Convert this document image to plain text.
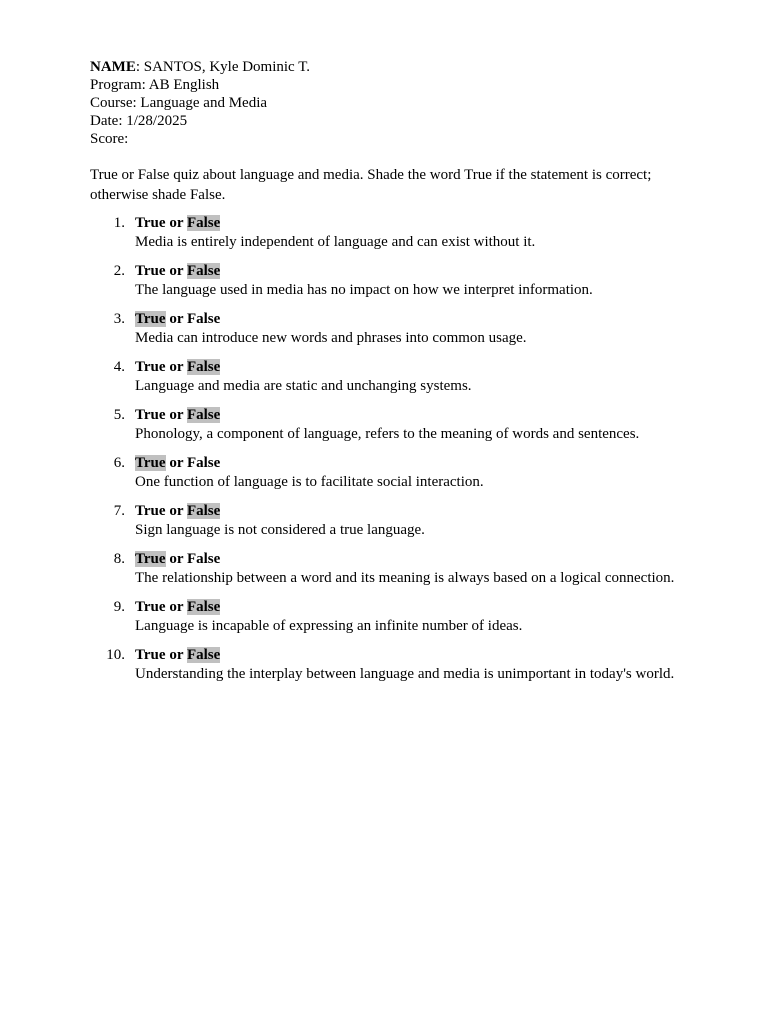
NAME: SANTOS, Kyle Dominic T.
Program: AB English
Course: Language and Media
Date: 1/28/2025
Score:
True or False quiz about language and media. Shade the word True if the statement is correct; otherwise shade False.
1. True or False
Media is entirely independent of language and can exist without it.
2. True or False
The language used in media has no impact on how we interpret information.
3. True or False
Media can introduce new words and phrases into common usage.
4. True or False
Language and media are static and unchanging systems.
5. True or False
Phonology, a component of language, refers to the meaning of words and sentences.
6. True or False
One function of language is to facilitate social interaction.
7. True or False
Sign language is not considered a true language.
8. True or False
The relationship between a word and its meaning is always based on a logical connection.
9. True or False
Language is incapable of expressing an infinite number of ideas.
10. True or False
Understanding the interplay between language and media is unimportant in today's world.
